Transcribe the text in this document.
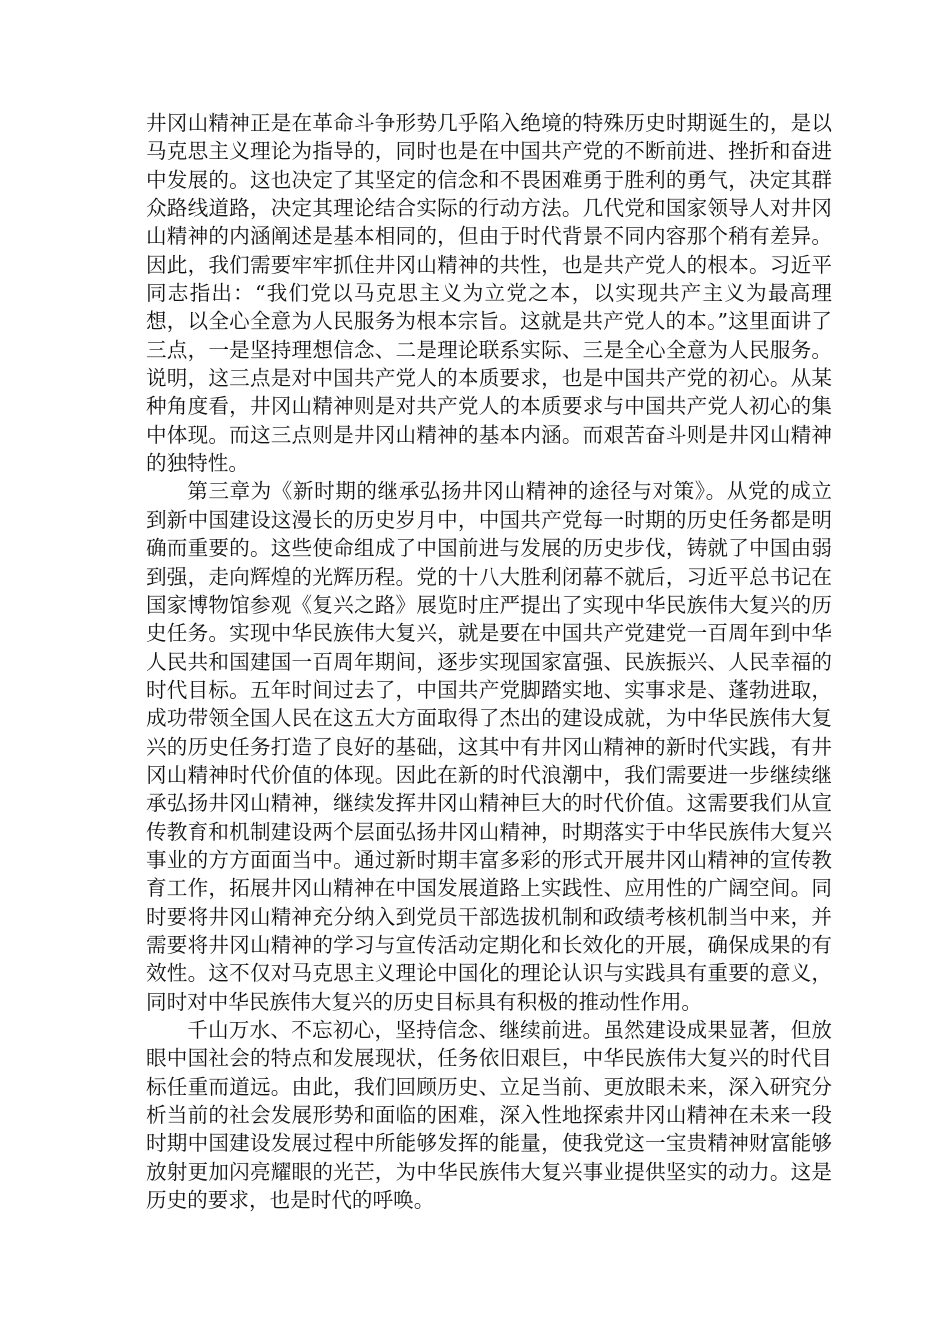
井冈山精神正是在革命斗争形势几乎陷入绝境的特殊历史时期诞生的，是以马克思主义理论为指导的，同时也是在中国共产党的不断前进、挫折和奋进中发展的。这也决定了其坚定的信念和不畏困难勇于胜利的勇气，决定其群众路线道路，决定其理论结合实际的行动方法。几代党和国家领导人对井冈山精神的内涵阐述是基本相同的，但由于时代背景不同内容那个稍有差异。因此，我们需要牢牢抓住井冈山精神的共性，也是共产党人的根本。习近平同志指出：“我们党以马克思主义为立党之本，以实现共产主义为最高理想，以全心全意为人民服务为根本宗旨。这就是共产党人的本。”这里面讲了三点，一是坚持理想信念、二是理论联系实际、三是全心全意为人民服务。说明，这三点是对中国共产党人的本质要求，也是中国共产党的初心。从某种角度看，井冈山精神则是对共产党人的本质要求与中国共产党人初心的集中体现。而这三点则是井冈山精神的基本内涵。而艰苦奋斗则是井冈山精神的独特性。

第三章为《新时期的继承弘扬井冈山精神的途径与对策》。从党的成立到新中国建设这漫长的历史岁月中，中国共产党每一时期的历史任务都是明确而重要的。这些使命组成了中国前进与发展的历史步伐，铸就了中国由弱到强，走向辉煌的光辉历程。党的十八大胜利闭幕不就后，习近平总书记在国家博物馆参观《复兴之路》展览时庄严提出了实现中华民族伟大复兴的历史任务。实现中华民族伟大复兴，就是要在中国共产党建党一百周年到中华人民共和国建国一百周年期间，逐步实现国家富强、民族振兴、人民幸福的时代目标。五年时间过去了，中国共产党脚踏实地、实事求是、蓬勃进取，成功带领全国人民在这五大方面取得了杰出的建设成就，为中华民族伟大复兴的历史任务打造了良好的基础，这其中有井冈山精神的新时代实践，有井冈山精神时代价值的体现。因此在新的时代浪潮中，我们需要进一步继续继承弘扬井冈山精神，继续发挥井冈山精神巨大的时代价值。这需要我们从宣传教育和机制建设两个层面弘扬井冈山精神，时期落实于中华民族伟大复兴事业的方方面面当中。通过新时期丰富多彩的形式开展井冈山精神的宣传教育工作，拓展井冈山精神在中国发展道路上实践性、应用性的广阔空间。同时要将井冈山精神充分纳入到党员干部选拔机制和政绩考核机制当中来，并需要将井冈山精神的学习与宣传活动定期化和长效化的开展，确保成果的有效性。这不仅对马克思主义理论中国化的理论认识与实践具有重要的意义，同时对中华民族伟大复兴的历史目标具有积极的推动性作用。

千山万水、不忘初心，坚持信念、继续前进。虽然建设成果显著，但放眼中国社会的特点和发展现状，任务依旧艰巨，中华民族伟大复兴的时代目标任重而道远。由此，我们回顾历史、立足当前、更放眼未来，深入研究分析当前的社会发展形势和面临的困难，深入性地探索井冈山精神在未来一段时期中国建设发展过程中所能够发挥的能量，使我党这一宝贵精神财富能够放射更加闪亮耀眼的光芒，为中华民族伟大复兴事业提供坚实的动力。这是历史的要求，也是时代的呼唤。
